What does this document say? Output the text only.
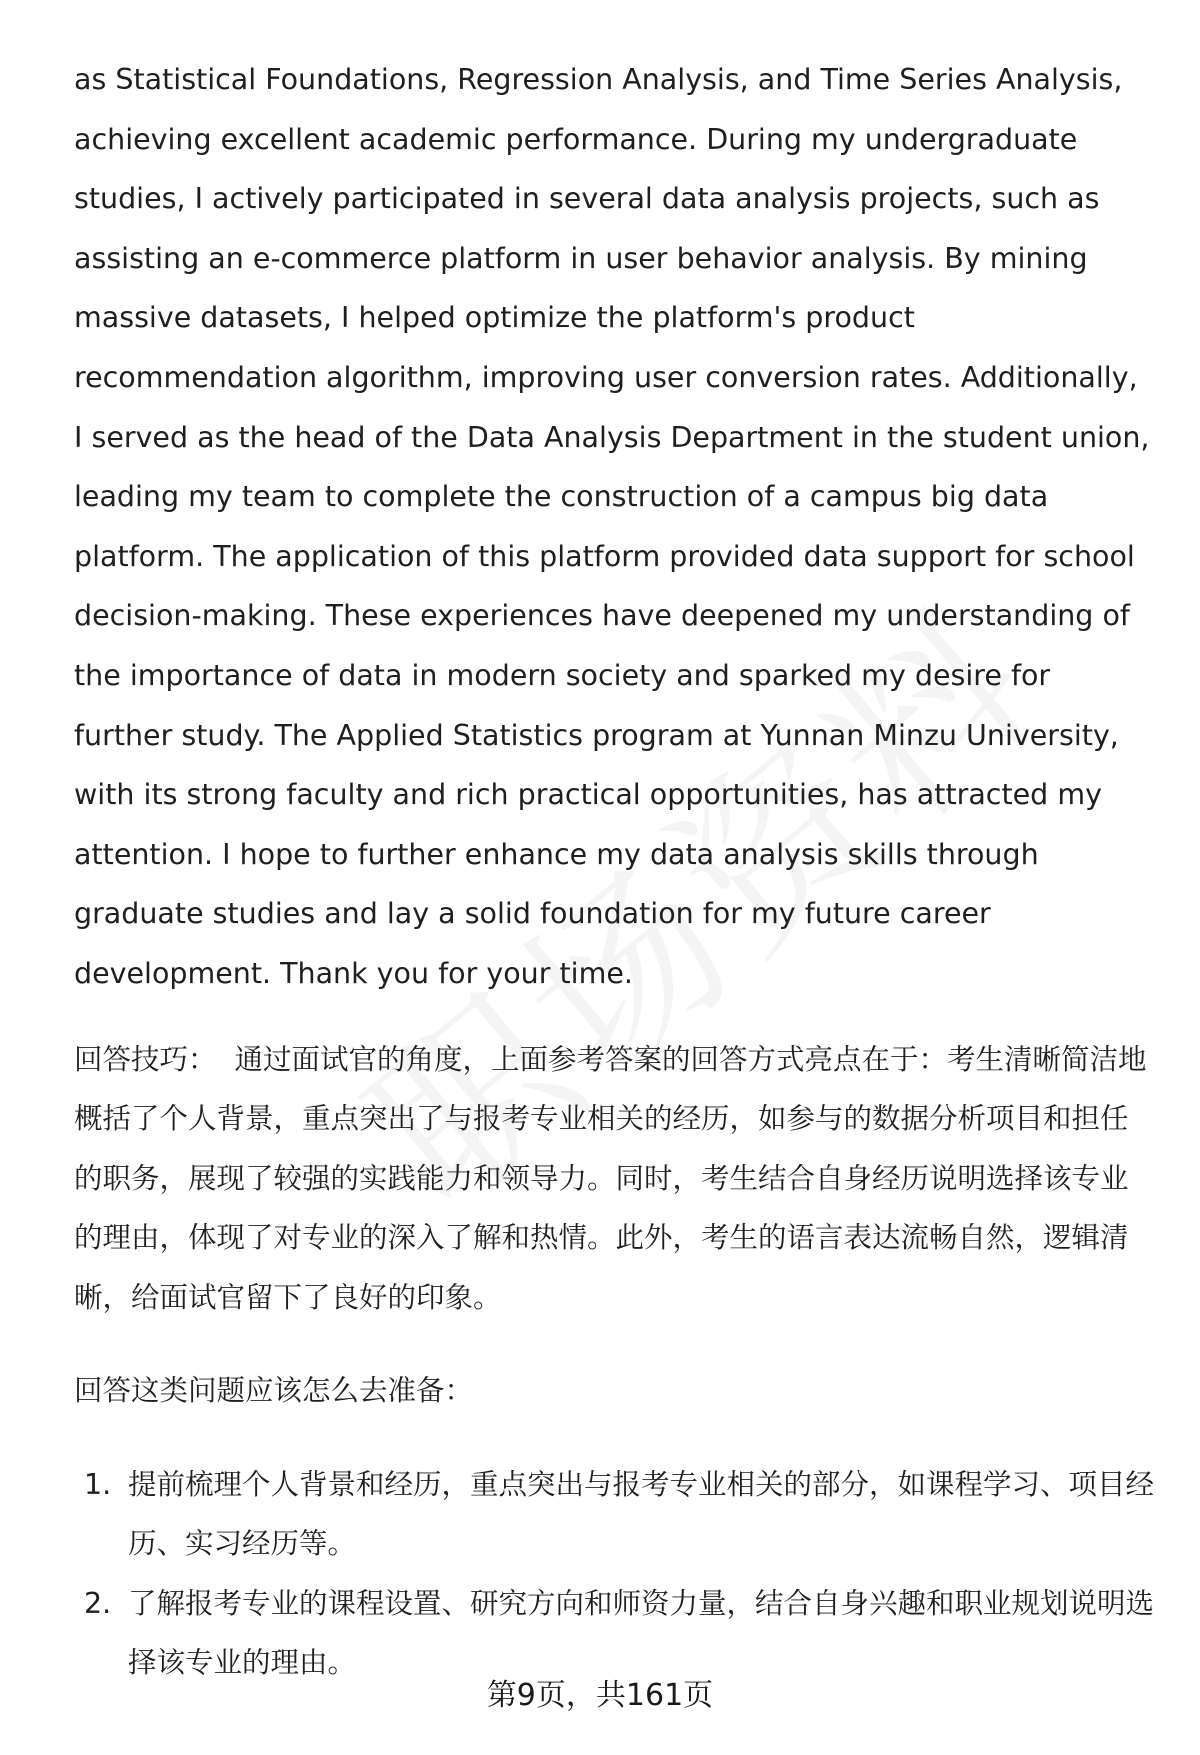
as Statistical Foundations, Regression Analysis, and Time Series Analysis, achieving excellent academic performance. During my undergraduate studies, I actively participated in several data analysis projects, such as assisting an e-commerce platform in user behavior analysis. By mining massive datasets, I helped optimize the platform's product recommendation algorithm, improving user conversion rates. Additionally, I served as the head of the Data Analysis Department in the student union, leading my team to complete the construction of a campus big data platform. The application of this platform provided data support for school decision-making. These experiences have deepened my understanding of the importance of data in modern society and sparked my desire for further study. The Applied Statistics program at Yunnan Minzu University, with its strong faculty and rich practical opportunities, has attracted my attention. I hope to further enhance my data analysis skills through graduate studies and lay a solid foundation for my future career development. Thank you for your time.

回答技巧： 通过面试官的角度，上面参考答案的回答方式亮点在于：考生清晰简洁地概括了个人背景，重点突出了与报考专业相关的经历，如参与的数据分析项目和担任的职务，展现了较强的实践能力和领导力。同时，考生结合自身经历说明选择该专业的理由，体现了对专业的深入了解和热情。此外，考生的语言表达流畅自然，逻辑清晰，给面试官留下了良好的印象。

回答这类问题应该怎么去准备：

1. 提前梳理个人背景和经历，重点突出与报考专业相关的部分，如课程学习、项目经历、实习经历等。
2. 了解报考专业的课程设置、研究方向和师资力量，结合自身兴趣和职业规划说明选择该专业的理由。
第9页，共161页
